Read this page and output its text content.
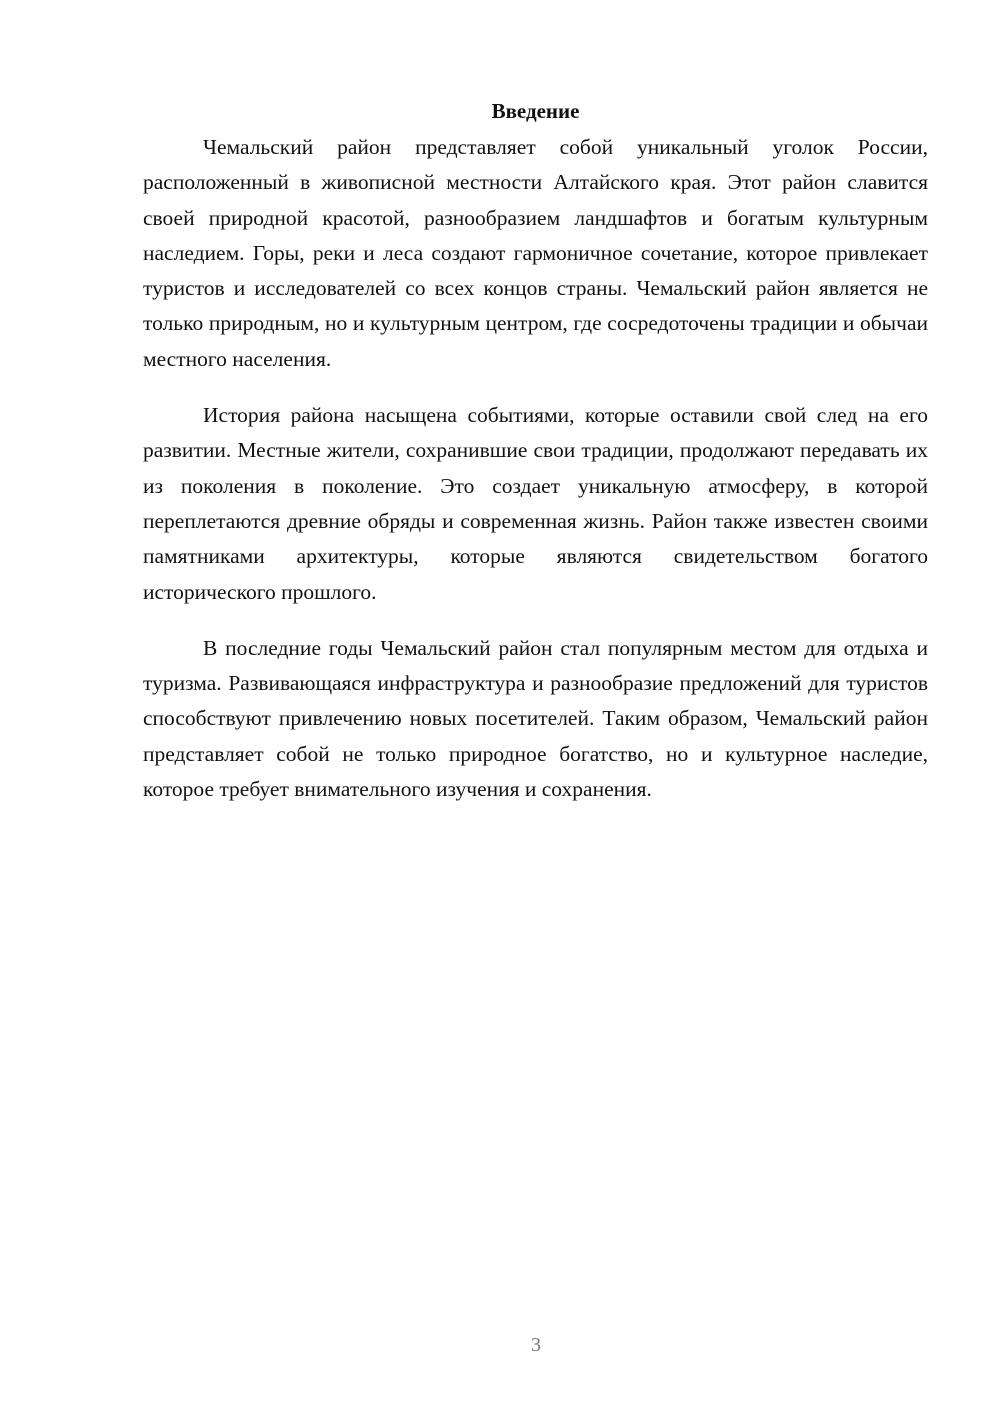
Введение

Чемальский район представляет собой уникальный уголок России, расположенный в живописной местности Алтайского края. Этот район славится своей природной красотой, разнообразием ландшафтов и богатым культурным наследием. Горы, реки и леса создают гармоничное сочетание, которое привлекает туристов и исследователей со всех концов страны. Чемальский район является не только природным, но и культурным центром, где сосредоточены традиции и обычаи местного населения.

История района насыщена событиями, которые оставили свой след на его развитии. Местные жители, сохранившие свои традиции, продолжают передавать их из поколения в поколение. Это создает уникальную атмосферу, в которой переплетаются древние обряды и современная жизнь. Район также известен своими памятниками архитектуры, которые являются свидетельством богатого исторического прошлого.

В последние годы Чемальский район стал популярным местом для отдыха и туризма. Развивающаяся инфраструктура и разнообразие предложений для туристов способствуют привлечению новых посетителей. Таким образом, Чемальский район представляет собой не только природное богатство, но и культурное наследие, которое требует внимательного изучения и сохранения.

3
